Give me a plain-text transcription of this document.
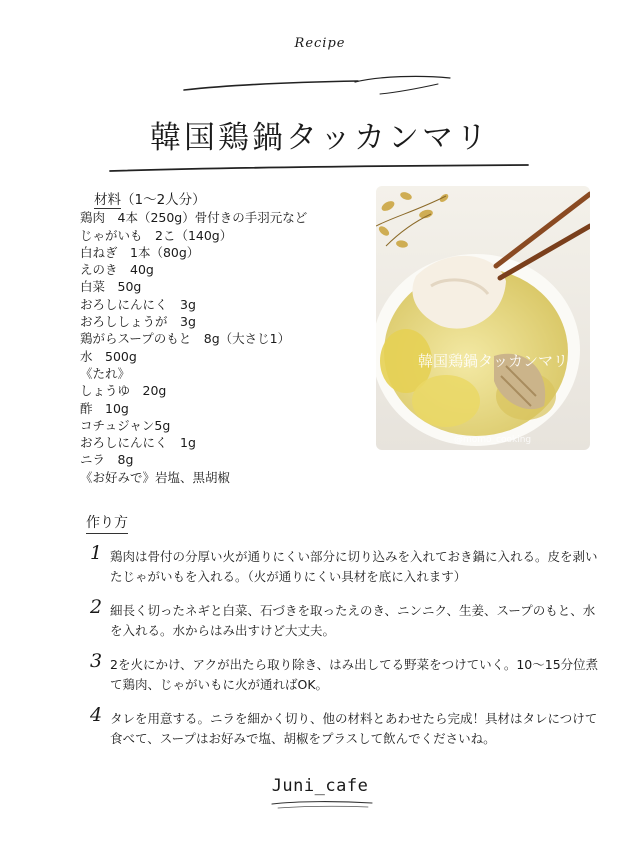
Recipe
韓国鶏鍋タッカンマリ
材料（1〜2人分）
鶏肉　4本（250g）骨付きの手羽元など
じゃがいも　2こ（140g）
白ねぎ　1本（80g）
えのき　40g
白菜　50g
おろしにんにく　3g
おろししょうが　3g
鶏がらスープのもと　8g（大さじ1）
水　500g
《たれ》
しょうゆ　20g
酢　10g
コチュジャン5g
おろしにんにく　1g
ニラ　8g
《お好みで》岩塩、黒胡椒
韓国鶏鍋タッカンマリ
@momo_cooking
作り方
1 鶏肉は骨付の分厚い火が通りにくい部分に切り込みを入れておき鍋に入れる。皮を剥いたじゃがいもを入れる。（火が通りにくい具材を底に入れます）
2 細長く切ったネギと白菜、石づきを取ったえのき、ニンニク、生姜、スープのもと、水を入れる。水からはみ出すけど大丈夫。
3 2を火にかけ、アクが出たら取り除き、はみ出してる野菜をつけていく。10〜15分位煮て鶏肉、じゃがいもに火が通ればOK。
4 タレを用意する。ニラを細かく切り、他の材料とあわせたら完成！具材はタレにつけて食べて、スープはお好みで塩、胡椒をプラスして飲んでくださいね。
Juni_cafe
